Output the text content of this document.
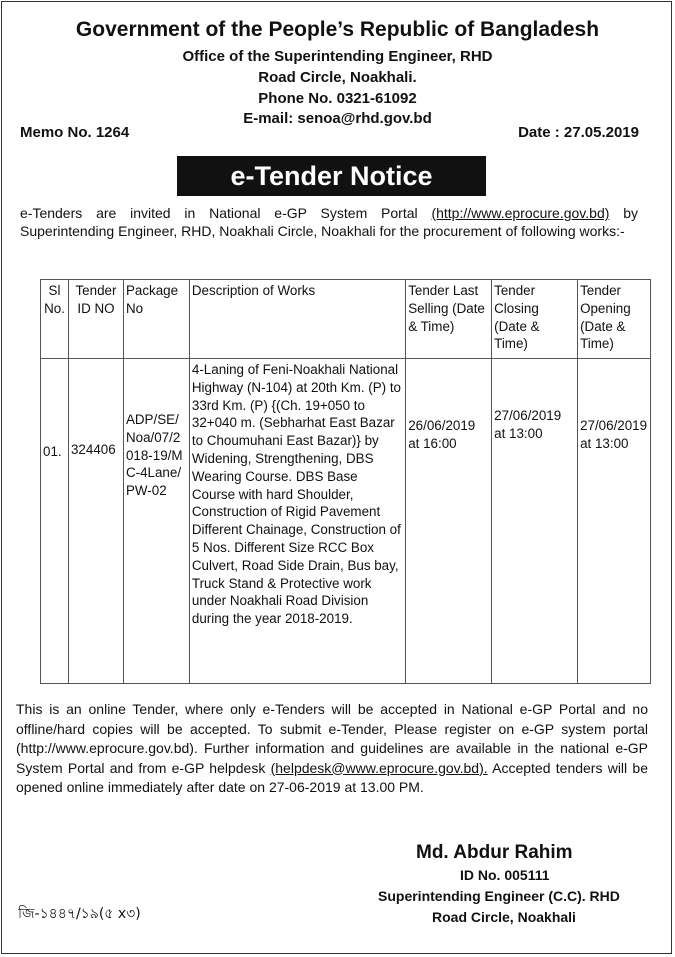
Government of the People’s Republic of Bangladesh
Office of the Superintending Engineer, RHD
Road Circle, Noakhali.
Phone No. 0321-61092
E-mail: senoa@rhd.gov.bd
Memo No. 1264	Date : 27.05.2019
e-Tender Notice
e-Tenders are invited in National e-GP System Portal (http://www.eprocure.gov.bd) by Superintending Engineer, RHD, Noakhali Circle, Noakhali for the procurement of following works:-
Sl No.	Tender ID NO	Package No	Description of Works	Tender Last Selling (Date & Time)	Tender Closing (Date & Time)	Tender Opening (Date & Time)
01.	324406	ADP/SE/Noa/07/2018-19/MC-4Lane/PW-02	4-Laning of Feni-Noakhali National Highway (N-104) at 20th Km. (P) to 33rd Km. (P) {(Ch. 19+050 to 32+040 m. (Sebharhat East Bazar to Choumuhani East Bazar)} by Widening, Strengthening, DBS Wearing Course. DBS Base Course with hard Shoulder, Construction of Rigid Pavement Different Chainage, Construction of 5 Nos. Different Size RCC Box Culvert, Road Side Drain, Bus bay, Truck Stand & Protective work under Noakhali Road Division during the year 2018-2019.	26/06/2019 at 16:00	27/06/2019 at 13:00	27/06/2019 at 13:00
This is an online Tender, where only e-Tenders will be accepted in National e-GP Portal and no offline/hard copies will be accepted. To submit e-Tender, Please register on e-GP system portal (http://www.eprocure.gov.bd). Further information and guidelines are available in the national e-GP System Portal and from e-GP helpdesk (helpdesk@www.eprocure.gov.bd). Accepted tenders will be opened online immediately after date on 27-06-2019 at 13.00 PM.
Md. Abdur Rahim
ID No. 005111
Superintending Engineer (C.C). RHD
Road Circle, Noakhali
জি-১৪৪৭/১৯(৫ x৩)
